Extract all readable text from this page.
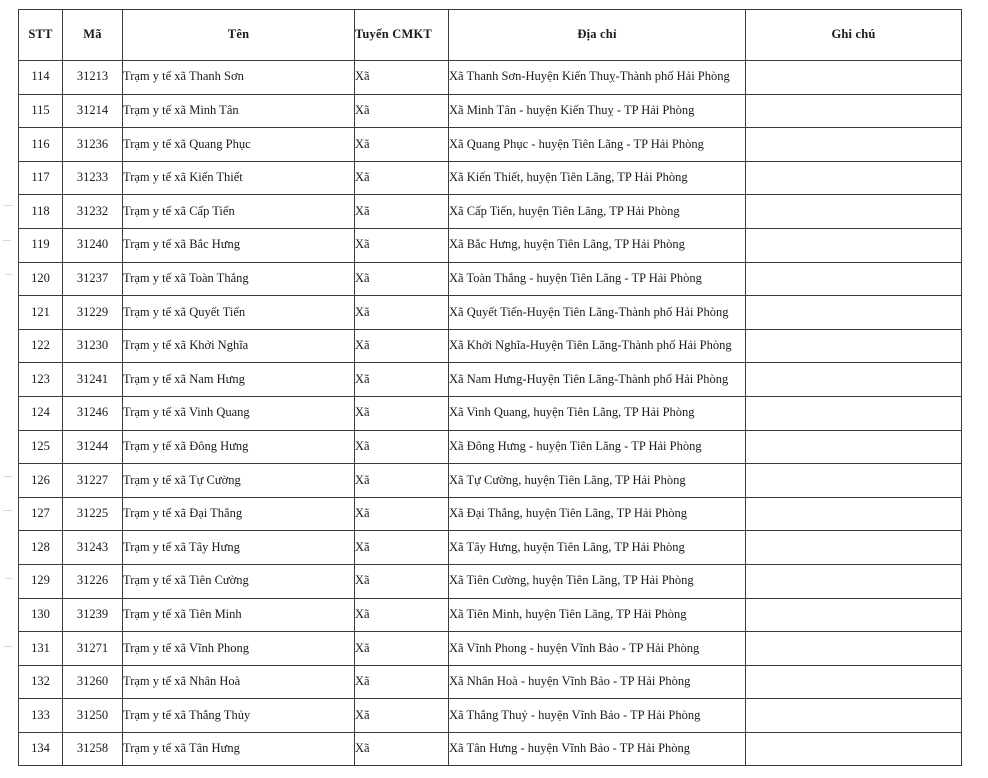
STT	Mã	Tên	Tuyến CMKT	Địa chỉ	Ghi chú
114	31213	Trạm y tế xã Thanh Sơn	Xã	Xã Thanh Sơn-Huyện Kiến Thuỵ-Thành phố Hải Phòng	
115	31214	Trạm y tế xã Minh Tân	Xã	Xã Minh Tân - huyện Kiến Thuỵ - TP Hải Phòng	
116	31236	Trạm y tế xã Quang Phục	Xã	Xã Quang Phục - huyện Tiên Lãng - TP Hải Phòng	
117	31233	Trạm y tế xã Kiến Thiết	Xã	Xã Kiến Thiết, huyện Tiên Lãng, TP Hải Phòng	
118	31232	Trạm y tế xã Cấp Tiến	Xã	Xã Cấp Tiến, huyện Tiên Lãng, TP Hải Phòng	
119	31240	Trạm y tế xã Bắc Hưng	Xã	Xã Bắc Hưng, huyện Tiên Lãng, TP Hải Phòng	
120	31237	Trạm y tế xã Toàn Thắng	Xã	Xã Toàn Thắng - huyện Tiên Lãng - TP Hải Phòng	
121	31229	Trạm y tế xã Quyết Tiến	Xã	Xã Quyết Tiến-Huyện Tiên Lãng-Thành phố Hải Phòng	
122	31230	Trạm y tế xã Khởi Nghĩa	Xã	Xã Khởi Nghĩa-Huyện Tiên Lãng-Thành phố Hải Phòng	
123	31241	Trạm y tế xã Nam Hưng	Xã	Xã Nam Hưng-Huyện Tiên Lãng-Thành phố Hải Phòng	
124	31246	Trạm y tế xã Vinh Quang	Xã	Xã Vinh Quang, huyện Tiên Lãng, TP Hải Phòng	
125	31244	Trạm y tế xã Đông Hưng	Xã	Xã Đông Hưng - huyện Tiên Lãng - TP Hải Phòng	
126	31227	Trạm y tế xã Tự Cường	Xã	Xã Tự Cường, huyện Tiên Lãng, TP Hải Phòng	
127	31225	Trạm y tế xã Đại Thắng	Xã	Xã Đại Thắng, huyện Tiên Lãng, TP Hải Phòng	
128	31243	Trạm y tế xã Tây Hưng	Xã	Xã Tây Hưng, huyện Tiên Lãng, TP Hải Phòng	
129	31226	Trạm y tế xã Tiên Cường	Xã	Xã Tiên Cường, huyện Tiên Lãng, TP Hải Phòng	
130	31239	Trạm y tế xã Tiên Minh	Xã	Xã Tiên Minh, huyện Tiên Lãng, TP Hải Phòng	
131	31271	Trạm y tế xã Vĩnh Phong	Xã	Xã Vĩnh Phong - huyện Vĩnh Bảo - TP Hải Phòng	
132	31260	Trạm y tế xã Nhân Hoà	Xã	Xã Nhân Hoà - huyện Vĩnh Bảo - TP Hải Phòng	
133	31250	Trạm y tế xã Thắng Thủy	Xã	Xã Thắng Thuỷ - huyện Vĩnh Bảo - TP Hải Phòng	
134	31258	Trạm y tế xã Tân Hưng	Xã	Xã Tân Hưng - huyện Vĩnh Bảo - TP Hải Phòng	
